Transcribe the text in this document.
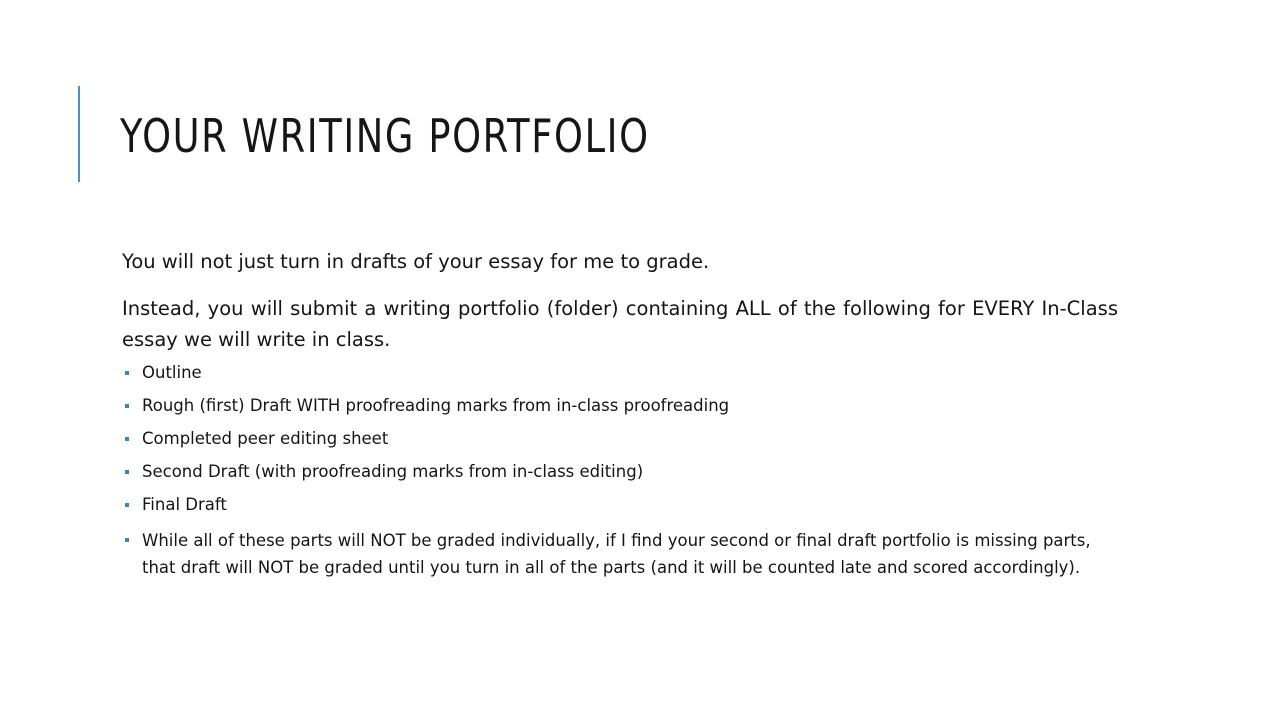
YOUR WRITING PORTFOLIO

You will not just turn in drafts of your essay for me to grade.

Instead, you will submit a writing portfolio (folder) containing ALL of the following for EVERY In-Class essay we will write in class.

Outline
Rough (first) Draft WITH proofreading marks from in-class proofreading
Completed peer editing sheet
Second Draft (with proofreading marks from in-class editing)
Final Draft
While all of these parts will NOT be graded individually, if I find your second or final draft portfolio is missing parts, that draft will NOT be graded until you turn in all of the parts (and it will be counted late and scored accordingly).
